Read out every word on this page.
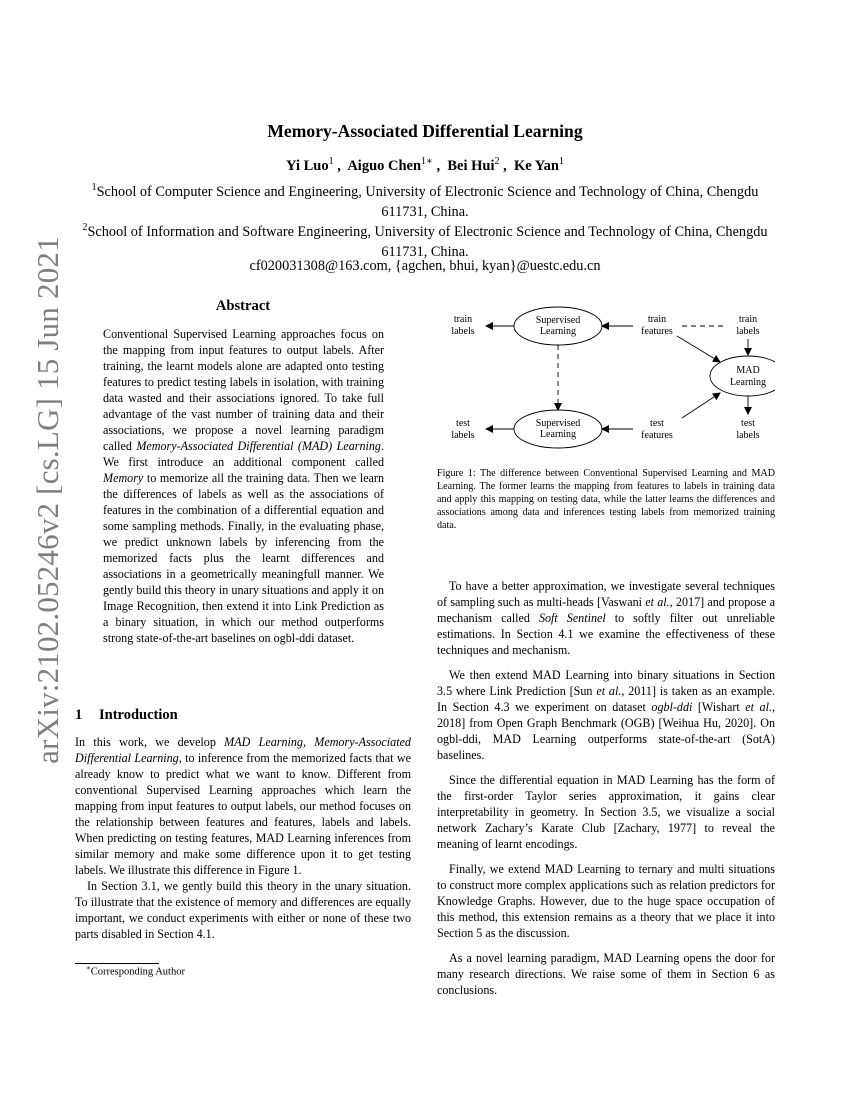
arXiv:2102.05246v2 [cs.LG] 15 Jun 2021
Memory-Associated Differential Learning
Yi Luo$^1$ ,  Aiguo Chen$^{1∗}$ ,  Bei Hui$^2$ ,  Ke Yan$^1$
$^1$School of Computer Science and Engineering, University of Electronic Science and Technology of China, Chengdu 611731, China.
$^2$School of Information and Software Engineering, University of Electronic Science and Technology of China, Chengdu 611731, China.
cf020031308@163.com, {agchen, bhui, kyan}@uestc.edu.cn
Abstract

Conventional Supervised Learning approaches focus on the mapping from input features to output labels. After training, the learnt models alone are adapted onto testing features to predict testing labels in isolation, with training data wasted and their associations ignored. To take full advantage of the vast number of training data and their associations, we propose a novel learning paradigm called Memory-Associated Differential (MAD) Learning. We first introduce an additional component called Memory to memorize all the training data. Then we learn the differences of labels as well as the associations of features in the combination of a differential equation and some sampling methods. Finally, in the evaluating phase, we predict unknown labels by inferencing from the memorized facts plus the learnt differences and associations in a geometrically meaningfull manner. We gently build this theory in unary situations and apply it on Image Recognition, then extend it into Link Prediction as a binary situation, in which our method outperforms strong state-of-the-art baselines on ogbl-ddi dataset.

1 Introduction

In this work, we develop MAD Learning, Memory-Associated Differential Learning, to inference from the memorized facts that we already know to predict what we want to know. Different from conventional Supervised Learning approaches which learn the mapping from input features to output labels, our method focuses on the relationship between features and features, labels and labels. When predicting on testing features, MAD Learning inferences from similar memory and make some difference upon it to get testing labels. We illustrate this difference in Figure 1.

In Section 3.1, we gently build this theory in the unary situation. To illustrate that the existence of memory and differences are equally important, we conduct experiments with either or none of these two parts disabled in Section 4.1.

∗Corresponding Author
Supervised
Learning
Supervised
Learning
MAD
Learning
train
labels
train
features
train
labels
test
labels
test
features
test
labels
Figure 1: The difference between Conventional Supervised Learning and MAD Learning. The former learns the mapping from features to labels in training data and apply this mapping on testing data, while the latter learns the differences and associations among data and inferences testing labels from memorized training data.

To have a better approximation, we investigate several techniques of sampling such as multi-heads [Vaswani et al., 2017] and propose a mechanism called Soft Sentinel to softly filter out unreliable estimations. In Section 4.1 we examine the effectiveness of these techniques and mechanism.

We then extend MAD Learning into binary situations in Section 3.5 where Link Prediction [Sun et al., 2011] is taken as an example. In Section 4.3 we experiment on dataset ogbl-ddi [Wishart et al., 2018] from Open Graph Benchmark (OGB) [Weihua Hu, 2020]. On ogbl-ddi, MAD Learning outperforms state-of-the-art (SotA) baselines.

Since the differential equation in MAD Learning has the form of the first-order Taylor series approximation, it gains clear interpretability in geometry. In Section 3.5, we visualize a social network Zachary’s Karate Club [Zachary, 1977] to reveal the meaning of learnt encodings.

Finally, we extend MAD Learning to ternary and multi situations to construct more complex applications such as relation predictors for Knowledge Graphs. However, due to the huge space occupation of this method, this extension remains as a theory that we place it into Section 5 as the discussion.

As a novel learning paradigm, MAD Learning opens the door for many research directions. We raise some of them in Section 6 as conclusions.
